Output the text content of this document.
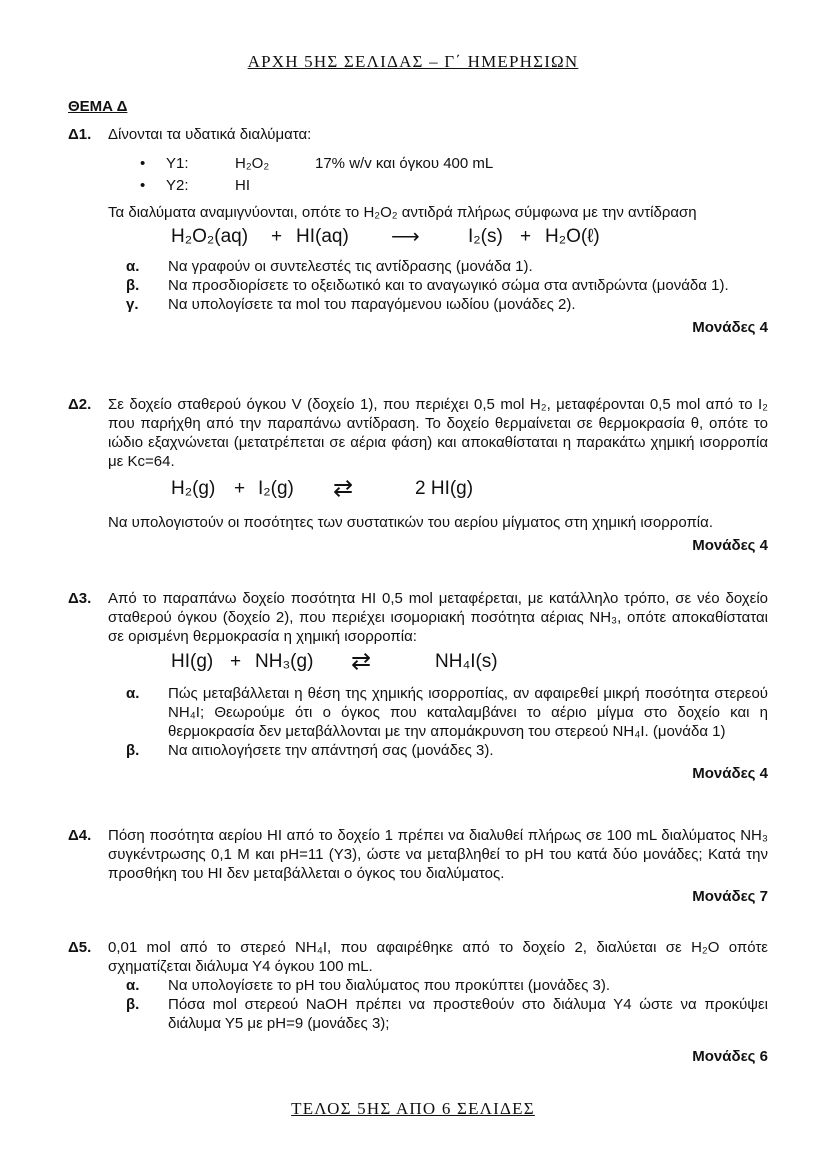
ΑΡΧΗ 5ΗΣ ΣΕΛΙΔΑΣ – Γ΄ ΗΜΕΡΗΣΙΩΝ
ΘΕΜΑ Δ
Δ1. Δίνονται τα υδατικά διαλύματα:

• Υ1:	H₂O₂	17% w/v και όγκου 400 mL
• Υ2:	HI

Τα διαλύματα αναμιγνύονται, οπότε το H₂O₂ αντιδρά πλήρως σύμφωνα με την αντίδραση

H₂O₂(aq) + HI(aq) ⟶	I₂(s) + H₂O(ℓ)

α.	Να γραφούν οι συντελεστές τις αντίδρασης (μονάδα 1).

β.	Να προσδιορίσετε το οξειδωτικό και το αναγωγικό σώμα στα αντιδρώντα (μονάδα 1).

γ.	Να υπολογίσετε τα mol του παραγόμενου ιωδίου (μονάδες 2).

Μονάδες 4
Δ2. Σε δοχείο σταθερού όγκου V (δοχείο 1), που περιέχει 0,5 mol H₂, μεταφέρονται 0,5 mol από το I₂ που παρήχθη από την παραπάνω αντίδραση. Το δοχείο θερμαίνεται σε θερμοκρασία θ, οπότε το ιώδιο εξαχνώνεται (μετατρέπεται σε αέρια φάση) και αποκαθίσταται η παρακάτω χημική ισορροπία με Kc=64.

H₂(g) + I₂(g) ⇄	2 HI(g)

Να υπολογιστούν οι ποσότητες των συστατικών του αερίου μίγματος στη χημική ισορροπία.

Μονάδες 4
Δ3. Από το παραπάνω δοχείο ποσότητα HI 0,5 mol μεταφέρεται, με κατάλληλο τρόπο, σε νέο δοχείο σταθερού όγκου (δοχείο 2), που περιέχει ισομοριακή ποσότητα αέριας NH₃, οπότε αποκαθίσταται σε ορισμένη θερμοκρασία η χημική ισορροπία:

HI(g) + NH₃(g) ⇄	NH₄I(s)

α.	Πώς μεταβάλλεται η θέση της χημικής ισορροπίας, αν αφαιρεθεί μικρή ποσότητα στερεού NH₄I; Θεωρούμε ότι ο όγκος που καταλαμβάνει το αέριο μίγμα στο δοχείο και η θερμοκρασία δεν μεταβάλλονται με την απομάκρυνση του στερεού NH₄I. (μονάδα 1)

β.	Να αιτιολογήσετε την απάντησή σας (μονάδες 3).

Μονάδες 4
Δ4. Πόση ποσότητα αερίου HI από το δοχείο 1 πρέπει να διαλυθεί πλήρως σε 100 mL διαλύματος NH₃ συγκέντρωσης 0,1 M και pH=11 (Υ3), ώστε να μεταβληθεί το pH του κατά δύο μονάδες; Κατά την προσθήκη του HI δεν μεταβάλλεται ο όγκος του διαλύματος.

Μονάδες 7
Δ5. 0,01 mol από το στερεό NH₄I, που αφαιρέθηκε από το δοχείο 2, διαλύεται σε H₂O οπότε σχηματίζεται διάλυμα Υ4 όγκου 100 mL.

α.	Να υπολογίσετε το pH του διαλύματος που προκύπτει (μονάδες 3).

β.	Πόσα mol στερεού NaOH πρέπει να προστεθούν στο διάλυμα Υ4 ώστε να προκύψει διάλυμα Υ5 με pH=9 (μονάδες 3);

Μονάδες 6
ΤΕΛΟΣ 5ΗΣ ΑΠΟ 6 ΣΕΛΙΔΕΣ
